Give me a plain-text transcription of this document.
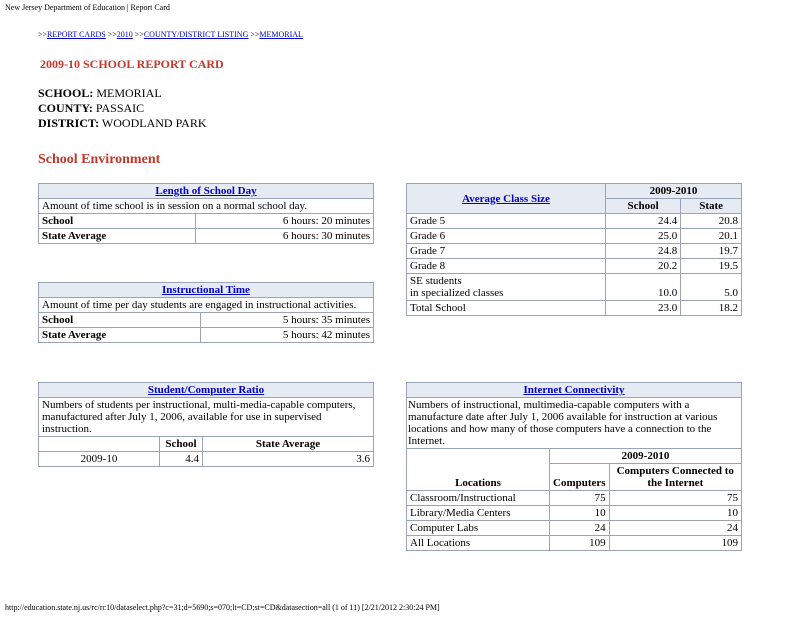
New Jersey Department of Education | Report Card
>>REPORT CARDS >>2010 >>COUNTY/DISTRICT LISTING >>MEMORIAL
2009-10 SCHOOL REPORT CARD
SCHOOL: MEMORIAL
COUNTY: PASSAIC
DISTRICT: WOODLAND PARK
School Environment
Length of School Day	
Amount of time school is in session on a normal school day.	
School	6 hours: 20 minutes
State Average	6 hours: 30 minutes
Instructional Time	
Amount of time per day students are engaged in instructional activities.	
School	5 hours: 35 minutes
State Average	5 hours: 42 minutes
Student/Computer Ratio		
Numbers of students per instructional, multi-media-capable computers, manufactured after July 1, 2006, available for use in supervised instruction.		
	School	State Average
2009-10	4.4	3.6
Average Class Size	2009-2010	
	School	State
Grade 5	24.4	20.8
Grade 6	25.0	20.1
Grade 7	24.8	19.7
Grade 8	20.2	19.5

SE students
in specialized classes	10.0	5.0
Total School	23.0	18.2
Internet Connectivity		
Numbers of instructional, multimedia-capable computers with a manufacture date after July 1, 2006 available for instruction at various locations and how many of those computers have a connection to the Internet.		
Locations	2009-2010	
	Computers	Computers Connected to the Internet
Classroom/Instructional	75	75
Library/Media Centers	10	10
Computer Labs	24	24
All Locations	109	109
http://education.state.nj.us/rc/rc10/dataselect.php?c=31;d=5690;s=070;lt=CD;st=CD&datasection=all (1 of 11) [2/21/2012 2:30:24 PM]
